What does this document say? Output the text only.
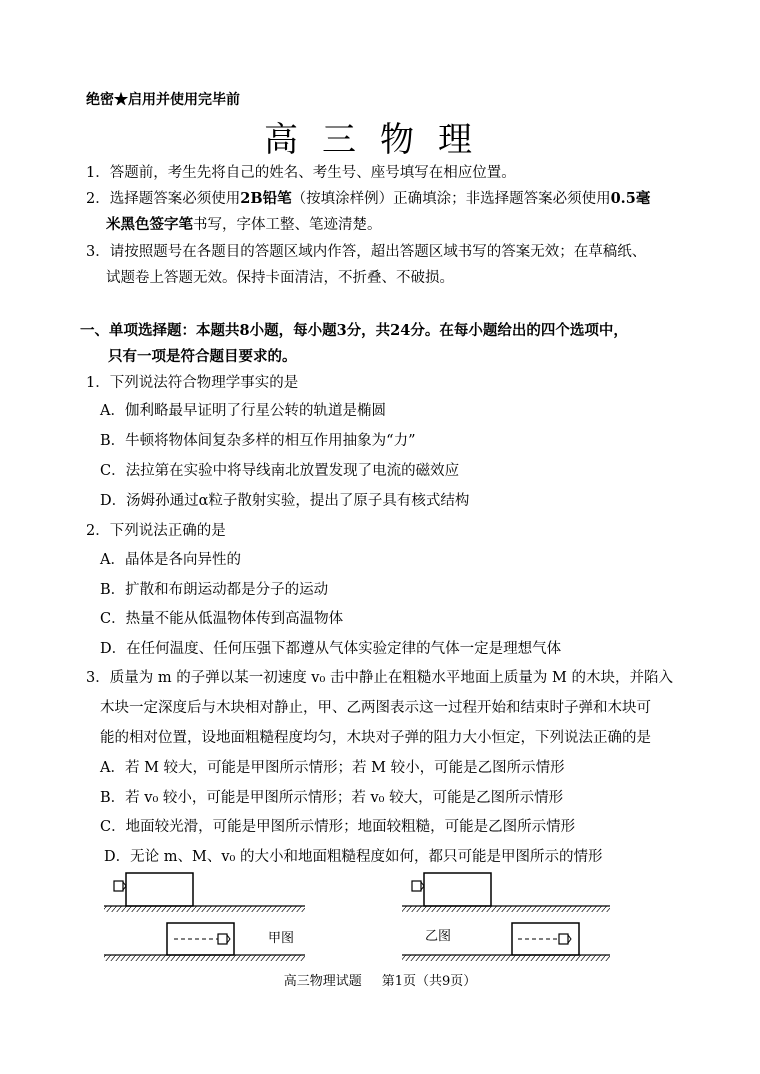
绝密★启用并使用完毕前
高三物理
1．答题前，考生先将自己的姓名、考生号、座号填写在相应位置。
2．选择题答案必须使用2B铅笔（按填涂样例）正确填涂；非选择题答案必须使用0.5毫
米黑色签字笔书写，字体工整、笔迹清楚。
3．请按照题号在各题目的答题区域内作答，超出答题区域书写的答案无效；在草稿纸、
试题卷上答题无效。保持卡面清洁，不折叠、不破损。
一、单项选择题：本题共8小题，每小题3分，共24分。在每小题给出的四个选项中，
只有一项是符合题目要求的。
1．下列说法符合物理学事实的是
A．伽利略最早证明了行星公转的轨道是椭圆
B．牛顿将物体间复杂多样的相互作用抽象为“力”
C．法拉第在实验中将导线南北放置发现了电流的磁效应
D．汤姆孙通过α粒子散射实验，提出了原子具有核式结构
2．下列说法正确的是
A．晶体是各向异性的
B．扩散和布朗运动都是分子的运动
C．热量不能从低温物体传到高温物体
D．在任何温度、任何压强下都遵从气体实验定律的气体一定是理想气体
3．质量为 m 的子弹以某一初速度 v₀ 击中静止在粗糙水平地面上质量为 M 的木块，并陷入
木块一定深度后与木块相对静止，甲、乙两图表示这一过程开始和结束时子弹和木块可
能的相对位置，设地面粗糙程度均匀，木块对子弹的阻力大小恒定，下列说法正确的是
A．若 M 较大，可能是甲图所示情形；若 M 较小，可能是乙图所示情形
B．若 v₀ 较小，可能是甲图所示情形；若 v₀ 较大，可能是乙图所示情形
C．地面较光滑，可能是甲图所示情形；地面较粗糙，可能是乙图所示情形
D．无论 m、M、v₀ 的大小和地面粗糙程度如何，都只可能是甲图所示的情形
甲图	乙图
高三物理试题 第1页（共9页）
